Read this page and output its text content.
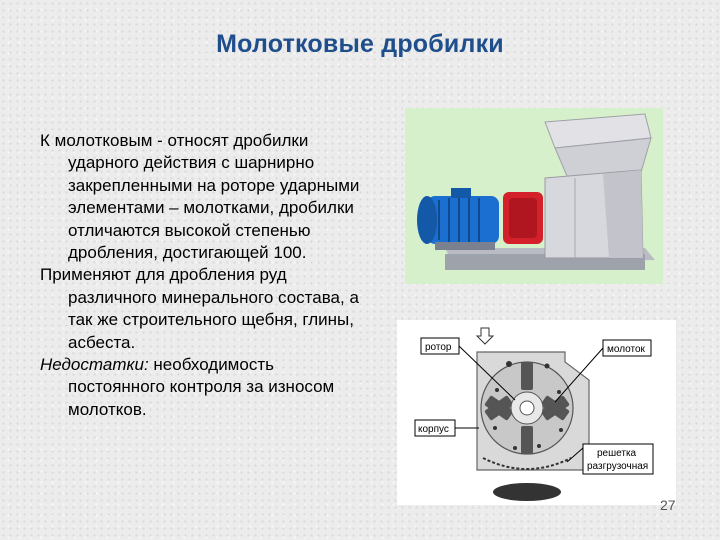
Молотковые дробилки

К молотковым - относят дробилки ударного действия с шарнирно закрепленными на роторе ударными элементами – молотками, дробилки отличаются высокой степенью дробления, достигающей 100.

Применяют для дробления руд различного минерального состава, а так же строительного щебня, глины, асбеста.

Недостатки: необходимость постоянного контроля за износом молотков.

ротор	молоток
корпус
решетка
разгрузочная
27
